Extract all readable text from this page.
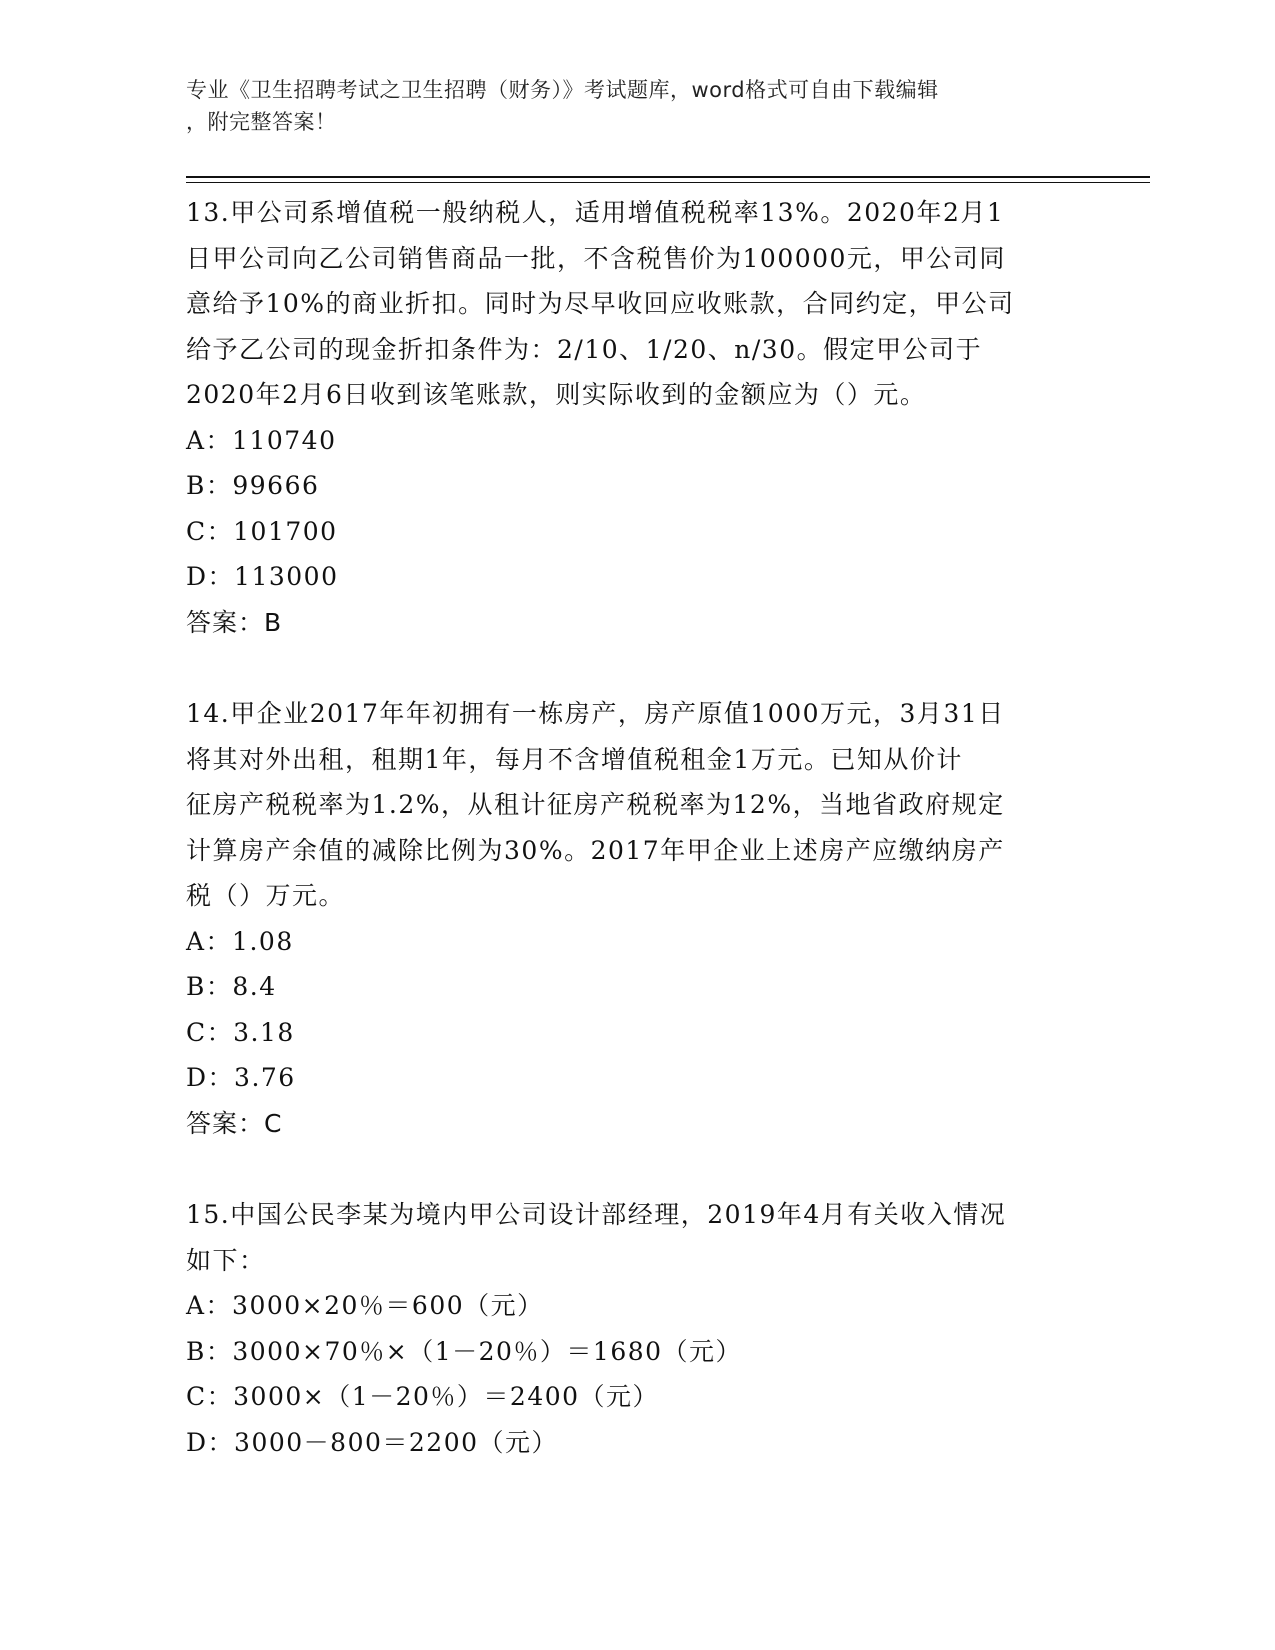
专业《卫生招聘考试之卫生招聘（财务）》考试题库，word格式可自由下载编辑
，附完整答案！
13.甲公司系增值税一般纳税人，适用增值税税率13%。2020年2月1
日甲公司向乙公司销售商品一批，不含税售价为100000元，甲公司同
意给予10%的商业折扣。同时为尽早收回应收账款，合同约定，甲公司
给予乙公司的现金折扣条件为：2/10、1/20、n/30。假定甲公司于
2020年2月6日收到该笔账款，则实际收到的金额应为（）元。
A：110740
B：99666
C：101700
D：113000
答案：B
14.甲企业2017年年初拥有一栋房产，房产原值1000万元，3月31日
将其对外出租，租期1年，每月不含增值税租金1万元。已知从价计
征房产税税率为1.2%，从租计征房产税税率为12%，当地省政府规定
计算房产余值的减除比例为30%。2017年甲企业上述房产应缴纳房产
税（）万元。
A：1.08
B：8.4
C：3.18
D：3.76
答案：C
15.中国公民李某为境内甲公司设计部经理，2019年4月有关收入情况
如下：
A：3000×20％＝600（元）
B：3000×70％×（1－20％）＝1680（元）
C：3000×（1－20％）＝2400（元）
D：3000－800＝2200（元）
